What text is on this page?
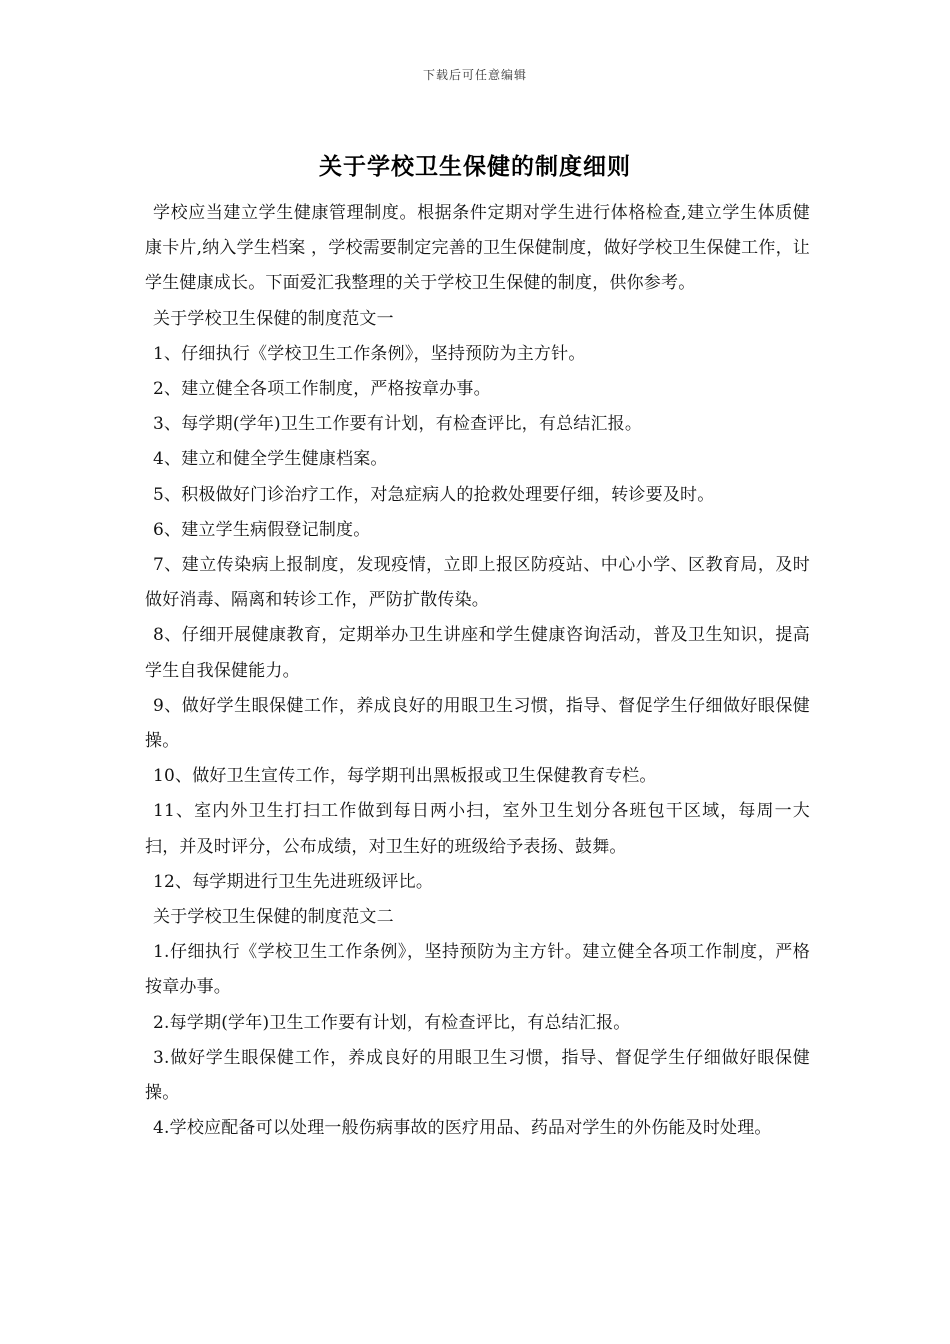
下载后可任意编辑
关于学校卫生保健的制度细则

学校应当建立学生健康管理制度。根据条件定期对学生进行体格检查,建立学生体质健康卡片,纳入学生档案 ，学校需要制定完善的卫生保健制度，做好学校卫生保健工作，让学生健康成长。下面爱汇我整理的关于学校卫生保健的制度，供你参考。

关于学校卫生保健的制度范文一

1、仔细执行《学校卫生工作条例》，坚持预防为主方针。

2、建立健全各项工作制度，严格按章办事。

3、每学期(学年)卫生工作要有计划，有检查评比，有总结汇报。

4、建立和健全学生健康档案。

5、积极做好门诊治疗工作，对急症病人的抢救处理要仔细，转诊要及时。

6、建立学生病假登记制度。

7、建立传染病上报制度，发现疫情，立即上报区防疫站、中心小学、区教育局，及时做好消毒、隔离和转诊工作，严防扩散传染。

8、仔细开展健康教育，定期举办卫生讲座和学生健康咨询活动，普及卫生知识，提高学生自我保健能力。

9、做好学生眼保健工作，养成良好的用眼卫生习惯，指导、督促学生仔细做好眼保健操。

10、做好卫生宣传工作，每学期刊出黑板报或卫生保健教育专栏。

11、室内外卫生打扫工作做到每日两小扫，室外卫生划分各班包干区域，每周一大扫，并及时评分，公布成绩，对卫生好的班级给予表扬、鼓舞。

12、每学期进行卫生先进班级评比。

关于学校卫生保健的制度范文二

1.仔细执行《学校卫生工作条例》，坚持预防为主方针。建立健全各项工作制度，严格按章办事。

2.每学期(学年)卫生工作要有计划，有检查评比，有总结汇报。

3.做好学生眼保健工作，养成良好的用眼卫生习惯，指导、督促学生仔细做好眼保健操。

4.学校应配备可以处理一般伤病事故的医疗用品、药品对学生的外伤能及时处理。
